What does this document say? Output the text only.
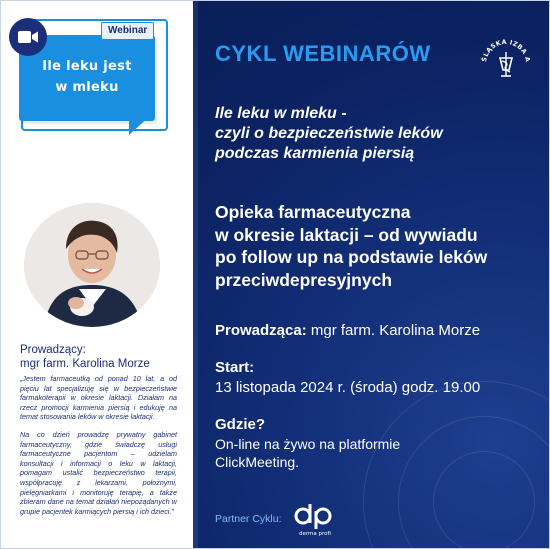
Ile leku jest
w mleku
Webinar
Prowadzący:
mgr farm. Karolina Morze

„Jestem farmaceutką od ponad 10 lat, a od pięciu lat specjalizuję się w bezpieczeństwie farmakoterapii w okresie laktacji. Działam na rzecz promocji karmienia piersią i edukuję na temat stosowania leków w okresie laktacji.

Na co dzień prowadzę prywatny gabinet farmaceutyczny, gdzie świadczę usługi farmaceutyczne pacjentom – udzielam konsultacji i informacji o leku w laktacji, pomagam ustalić bezpieczeństwo terapii, współpracuję z lekarzami, położnymi, pielęgniarkami i monitoruję terapię, a także zbieram dane na temat działań niepożądanych w grupie pacjentek karmiących piersią i ich dzieci.”

CYKL WEBINARÓW	ŚLĄSKA IZBA A
Ile leku w mleku -
czyli o bezpieczeństwie leków
podczas karmienia piersią
Opieka farmaceutyczna
w okresie laktacji – od wywiadu
po follow up na podstawie leków
przeciwdepresyjnych
Prowadząca: mgr farm. Karolina Morze
Start:
13 listopada 2024 r. (środa) godz. 19.00
Gdzie?
On-line na żywo na platformie ClickMeeting.
Partner Cyklu:
derma profi
